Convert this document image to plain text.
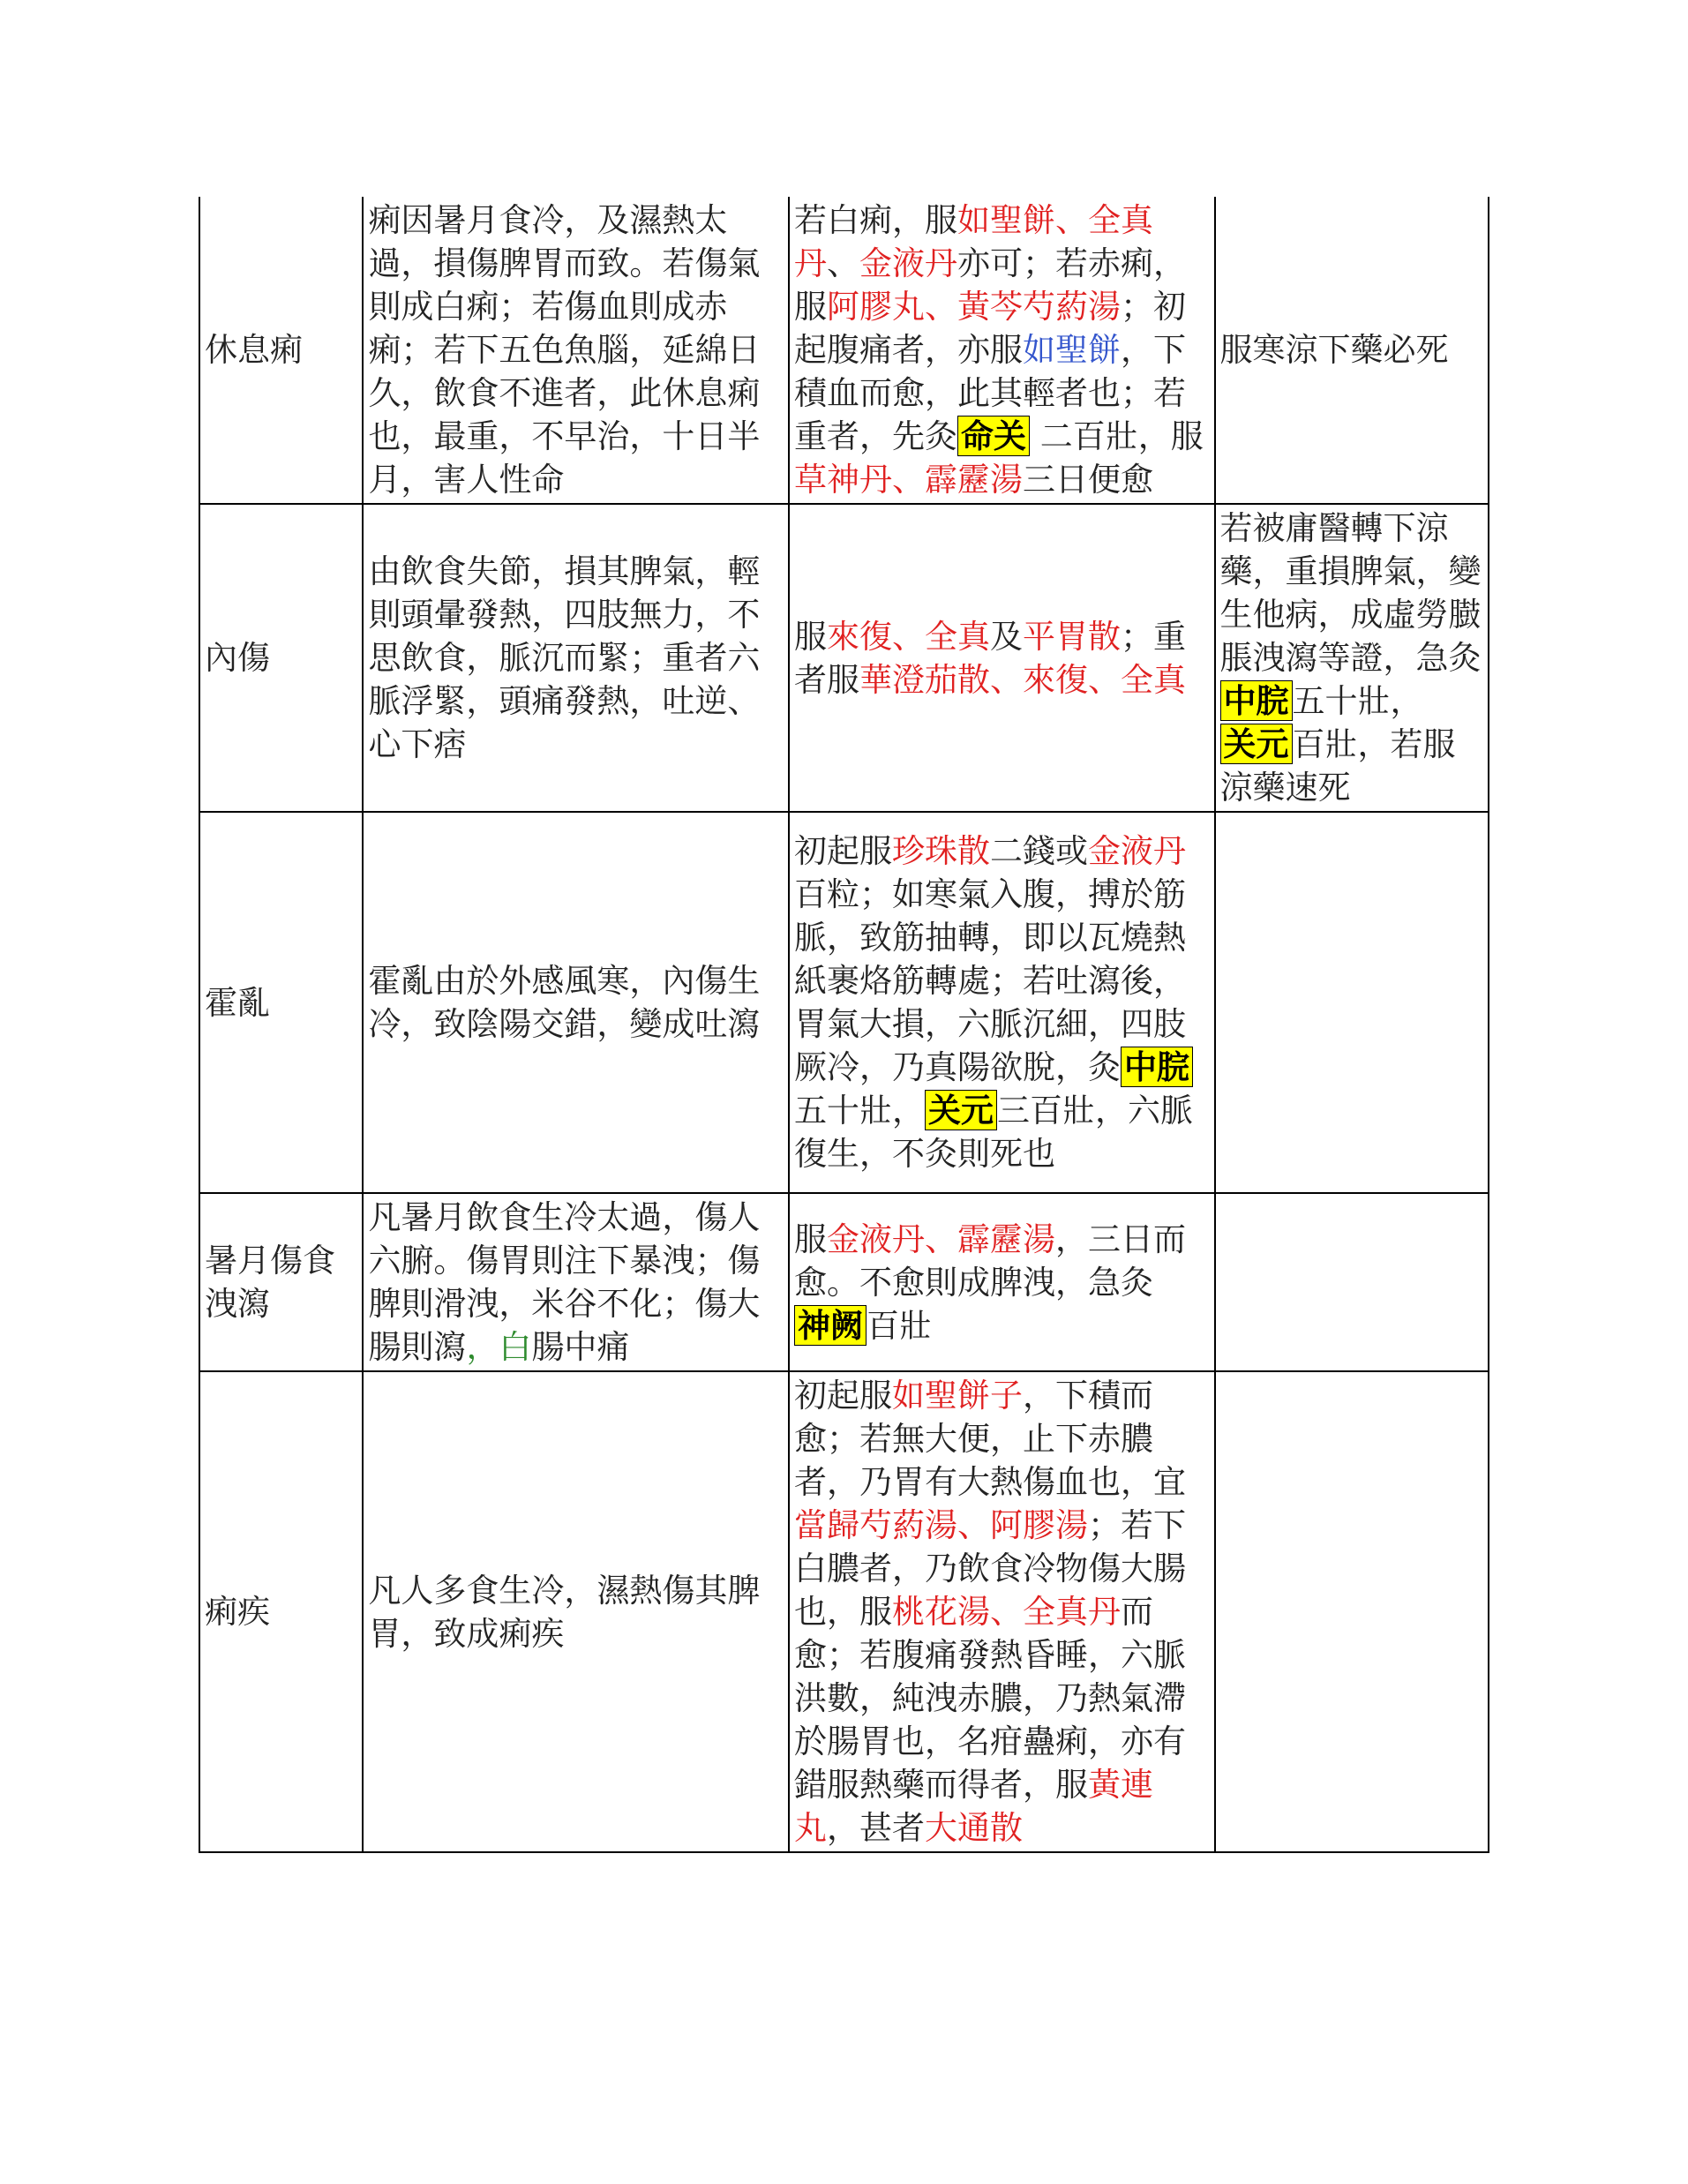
休息痢	痢因暑月食冷，及濕熱太過，損傷脾胃而致。若傷氣則成白痢；若傷血則成赤痢；若下五色魚腦，延綿日久，飲食不進者，此休息痢也，最重，不早治，十日半月，害人性命	若白痢，服如聖餅、全真丹、金液丹亦可；若赤痢，服阿膠丸、黃芩芍葯湯；初起腹痛者，亦服如聖餅，下積血而愈，此其輕者也；若重者，先灸 命关 二百壯，服草神丹、霹靂湯三日便愈	服寒涼下藥必死
內傷	由飲食失節，損其脾氣，輕則頭暈發熱，四肢無力，不思飲食，脈沉而緊；重者六脈浮緊，頭痛發熱，吐逆、心下痞	服來復、全真及平胃散；重者服華澄茄散、來復、全真	若被庸醫轉下涼藥，重損脾氣，變生他病，成虛勞臌脹洩瀉等證，急灸中脘 五十壯，关元 百壯，若服涼藥速死
霍亂	霍亂由於外感風寒，內傷生冷，致陰陽交錯，變成吐瀉	初起服珍珠散二錢或金液丹百粒；如寒氣入腹，搏於筋脈，致筋抽轉，即以瓦燒熱紙裹烙筋轉處；若吐瀉後，胃氣大損，六脈沉細，四肢厥冷，乃真陽欲脫，灸 中脘五十壯， 关元 三百壯，六脈復生，不灸則死也	
暑月傷食洩瀉	凡暑月飲食生冷太過，傷人六腑。傷胃則注下暴洩；傷脾則滑洩，米谷不化；傷大腸則瀉，白腸中痛	服金液丹、霹靂湯，三日而愈。不愈則成脾洩，急灸神阙 百壯	
痢疾	凡人多食生冷，濕熱傷其脾胃，致成痢疾	初起服如聖餅子，下積而愈；若無大便，止下赤膿者，乃胃有大熱傷血也，宜當歸芍葯湯、阿膠湯；若下白膿者，乃飲食冷物傷大腸也，服桃花湯、全真丹而愈；若腹痛發熱昏睡，六脈洪數，純洩赤膿，乃熱氣滯於腸胃也，名疳蠱痢，亦有錯服熱藥而得者，服黃連丸，甚者大通散	
